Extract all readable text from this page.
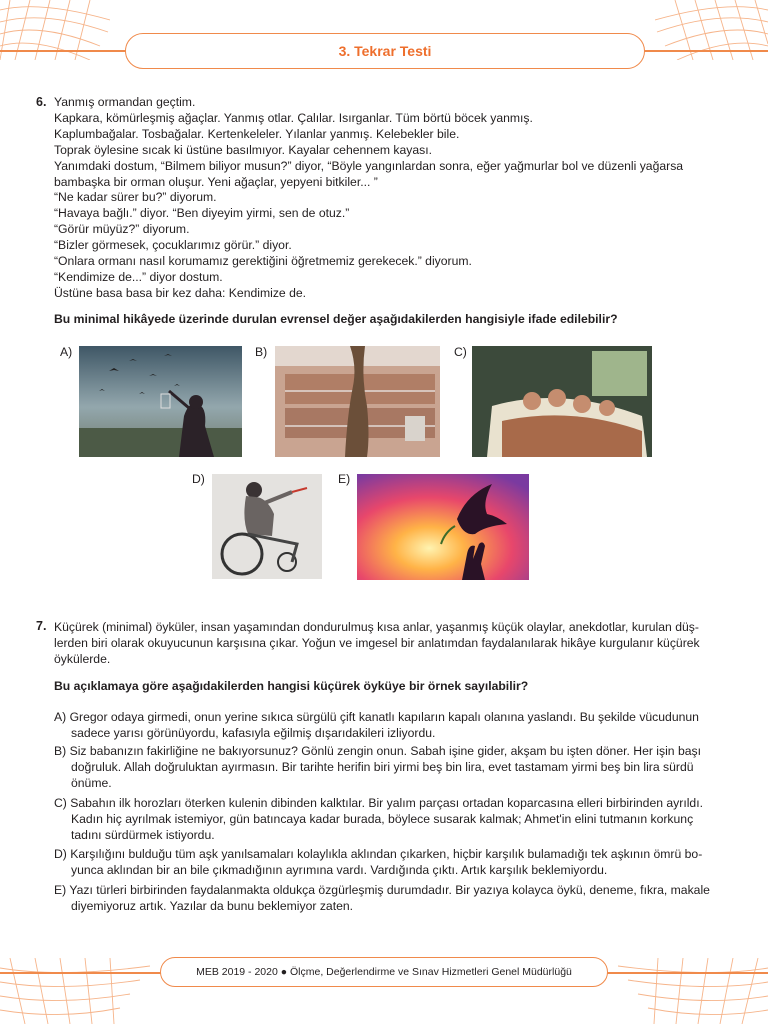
3. Tekrar Testi
6. Yanmış ormandan geçtim.
Kapkara, kömürleşmiş ağaçlar. Yanmış otlar. Çalılar. Isırganlar. Tüm börtü böcek yanmış.
Kaplumbağalar. Tosbağalar. Kertenkeleler. Yılanlar yanmış. Kelebekler bile.
Toprak öylesine sıcak ki üstüne basılmıyor. Kayalar cehennem kayası.
Yanımdaki dostum, “Bilmem biliyor musun?” diyor, “Böyle yangınlardan sonra, eğer yağmurlar bol ve düzenli yağarsa
bambaşka bir orman oluşur. Yeni ağaçlar, yepyeni bitkiler... ”
“Ne kadar sürer bu?” diyorum.
“Havaya bağlı.” diyor. “Ben diyeyim yirmi, sen de otuz.”
“Görür müyüz?” diyorum.
“Bizler görmesek, çocuklarımız görür.” diyor.
“Onlara ormanı nasıl korumamız gerektiğini öğretmemiz gerekecek.” diyorum.
“Kendimize de...” diyor dostum.
Üstüne basa basa bir kez daha: Kendimize de.
Bu minimal hikâyede üzerinde durulan evrensel değer aşağıdakilerden hangisiyle ifade edilebilir?
A)	B)	C)
D)	E)
7. Küçürek (minimal) öyküler, insan yaşamından dondurulmuş kısa anlar, yaşanmış küçük olaylar, anekdotlar, kurulan düş-
lerden biri olarak okuyucunun karşısına çıkar. Yoğun ve imgesel bir anlatımdan faydalanılarak hikâye kurgulanır küçürek
öykülerde.
Bu açıklamaya göre aşağıdakilerden hangisi küçürek öyküye bir örnek sayılabilir?
A) Gregor odaya girmedi, onun yerine sıkıca sürgülü çift kanatlı kapıların kapalı olanına yaslandı. Bu şekilde vücudunun
sadece yarısı görünüyordu, kafasıyla eğilmiş dışarıdakileri izliyordu.
B) Siz babanızın fakirliğine ne bakıyorsunuz? Gönlü zengin onun. Sabah işine gider, akşam bu işten döner. Her işin başı
doğruluk. Allah doğruluktan ayırmasın. Bir tarihte herifin biri yirmi beş bin lira, evet tastamam yirmi beş bin lira sürdü
önüme.
C) Sabahın ilk horozları öterken kulenin dibinden kalktılar. Bir yalım parçası ortadan koparcasına elleri birbirinden ayrıldı.
Kadın hiç ayrılmak istemiyor, gün batıncaya kadar burada, böylece susarak kalmak; Ahmet'in elini tutmanın korkunç
tadını sürdürmek istiyordu.
D) Karşılığını bulduğu tüm aşk yanılsamaları kolaylıkla aklından çıkarken, hiçbir karşılık bulamadığı tek aşkının ömrü bo-
yunca aklından bir an bile çıkmadığının ayrımına vardı. Vardığında çıktı. Artık karşılık beklemiyordu.
E) Yazı türleri birbirinden faydalanmakta oldukça özgürleşmiş durumdadır. Bir yazıya kolayca öykü, deneme, fıkra, makale
diyemiyoruz artık. Yazılar da bunu beklemiyor zaten.
MEB 2019 - 2020 ● Ölçme, Değerlendirme ve Sınav Hizmetleri Genel Müdürlüğü
